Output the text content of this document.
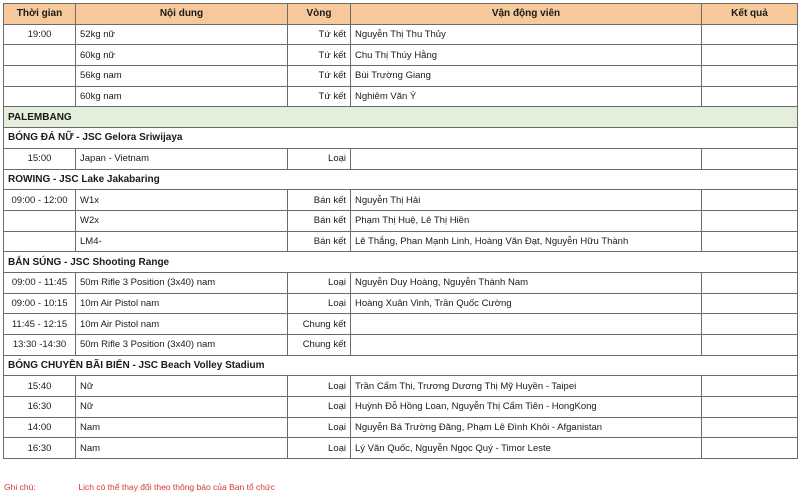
Thời gian	Nội dung	Vòng	Vận động viên	Kết quả
19:00	52kg nữ	Tứ kết	Nguyễn Thị Thu Thủy	
	60kg nữ	Tứ kết	Chu Thị Thúy Hằng	
	56kg nam	Tứ kết	Bùi Trường Giang	
	60kg nam	Tứ kết	Nghiêm Văn Ý	
PALEMBANG				
BÓNG ĐÁ NỮ - JSC Gelora Sriwijaya				
15:00	Japan - Vietnam	Loại		
ROWING - JSC Lake Jakabaring				
09:00 - 12:00	W1x	Bán kết	Nguyễn Thị Hải	
	W2x	Bán kết	Phạm Thị Huệ, Lê Thị Hiền	
	LM4-	Bán kết	Lê Thắng, Phan Mạnh Linh, Hoàng Văn Đạt, Nguyễn Hữu Thành	
BẮN SÚNG - JSC Shooting Range				
09:00 - 11:45	50m Rifle 3 Position (3x40) nam	Loại	Nguyễn Duy Hoàng, Nguyễn Thành Nam	
09:00 - 10:15	10m Air Pistol nam	Loại	Hoàng Xuân Vinh, Trần Quốc Cường	
11:45 - 12:15	10m Air Pistol nam	Chung kết		
13:30 -14:30	50m Rifle 3 Position (3x40) nam	Chung kết		
BÓNG CHUYỀN BÃI BIỂN - JSC Beach Volley Stadium				
15:40	Nữ	Loại	Trần Cẩm Thi, Trương Dương Thị Mỹ Huyền - Taipei	
16:30	Nữ	Loại	Huỳnh Đỗ Hồng Loan, Nguyễn Thị Cẩm Tiên - HongKong	
14:00	Nam	Loại	Nguyễn Bá Trường Đăng, Phạm Lê Đình Khôi - Afganistan	
16:30	Nam	Loại	Lý Văn Quốc, Nguyễn Ngọc Quý - Timor Leste	
Ghi chú:	Lịch có thể thay đổi theo thông báo của Ban tổ chức
